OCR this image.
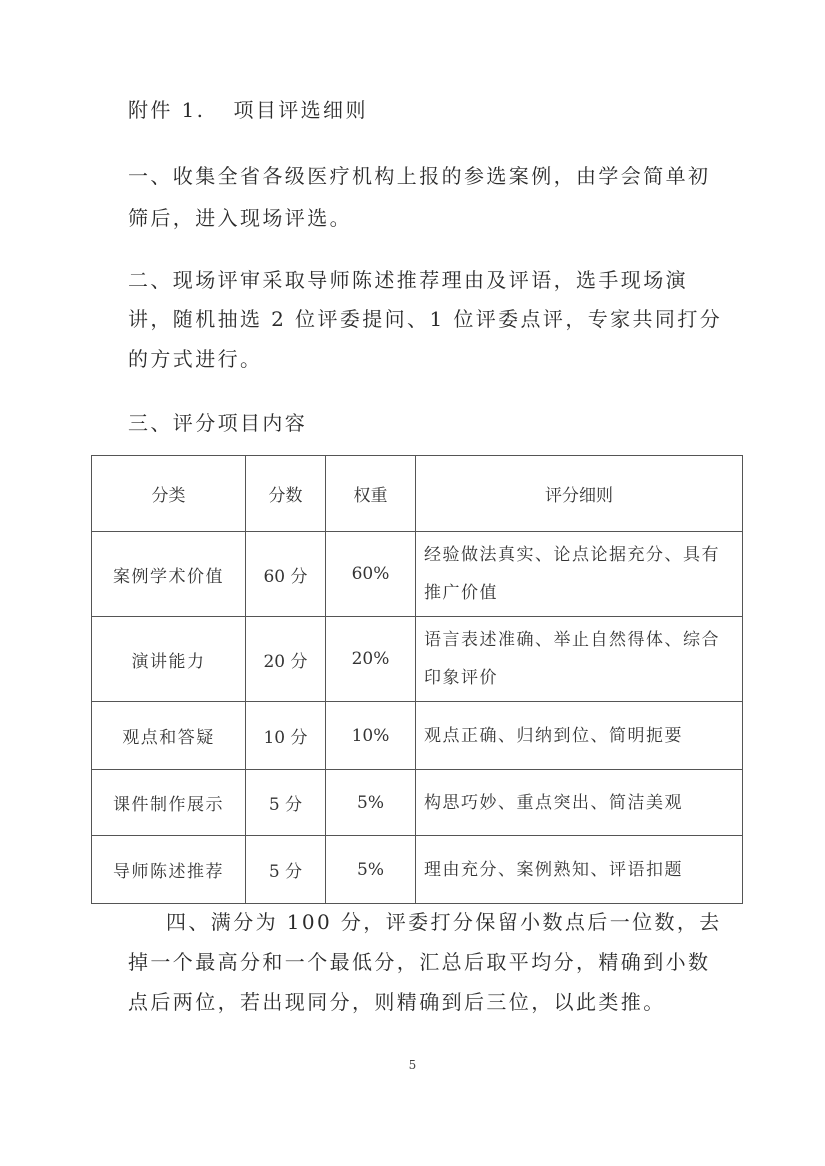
附件 1. 项目评选细则
一、收集全省各级医疗机构上报的参选案例，由学会简单初
筛后，进入现场评选。
二、现场评审采取导师陈述推荐理由及评语，选手现场演
讲，随机抽选 2 位评委提问、1 位评委点评，专家共同打分
的方式进行。
三、评分项目内容
分类	分数	权重	评分细则
案例学术价值	60 分	60%	经验做法真实、论点论据充分、具有推广价值
演讲能力	20 分	20%	语言表述准确、举止自然得体、综合印象评价
观点和答疑	10 分	10%	观点正确、归纳到位、简明扼要
课件制作展示	5 分	5%	构思巧妙、重点突出、简洁美观
导师陈述推荐	5 分	5%	理由充分、案例熟知、评语扣题
四、满分为 100 分，评委打分保留小数点后一位数，去
掉一个最高分和一个最低分，汇总后取平均分，精确到小数
点后两位，若出现同分，则精确到后三位，以此类推。
5
